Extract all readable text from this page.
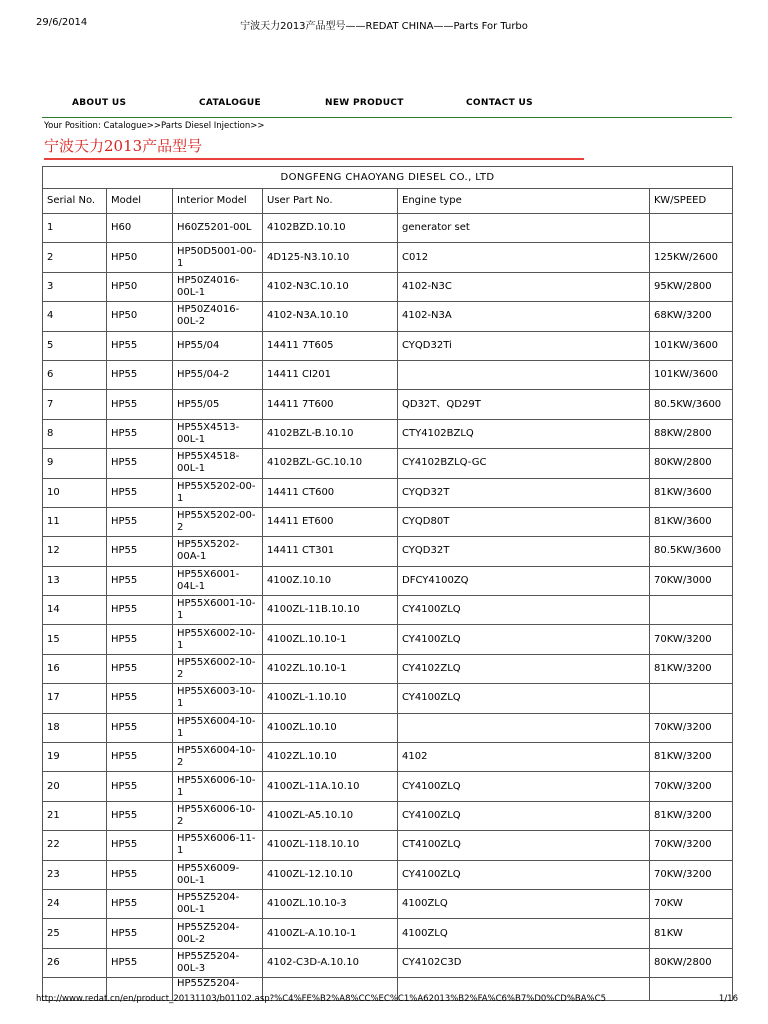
29/6/2014	宁波天力2013产品型号——REDAT CHINA——Parts For Turbo
ABOUT US	CATALOGUE	NEW PRODUCT	CONTACT US
Your Position: Catalogue>>Parts Diesel Injection>>
宁波天力2013产品型号
DONGFENG CHAOYANG DIESEL CO., LTD					
Serial No.	Model	Interior Model	User Part No.	Engine type	KW/SPEED
1	H60	H60Z5201-00L	4102BZD.10.10	generator set	
2	HP50	HP50D5001-00-1	4D125-N3.10.10	C012	125KW/2600
3	HP50	HP50Z4016-00L-1	4102-N3C.10.10	4102-N3C	95KW/2800
4	HP50	HP50Z4016-00L-2	4102-N3A.10.10	4102-N3A	68KW/3200
5	HP55	HP55/04	14411 7T605	CYQD32Ti	101KW/3600
6	HP55	HP55/04-2	14411 CI201		101KW/3600
7	HP55	HP55/05	14411 7T600	QD32T、QD29T	80.5KW/3600
8	HP55	HP55X4513-00L-1	4102BZL-B.10.10	CTY4102BZLQ	88KW/2800
9	HP55	HP55X4518-00L-1	4102BZL-GC.10.10	CY4102BZLQ-GC	80KW/2800
10	HP55	HP55X5202-00-1	14411 CT600	CYQD32T	81KW/3600
11	HP55	HP55X5202-00-2	14411 ET600	CYQD80T	81KW/3600
12	HP55	HP55X5202-00A-1	14411 CT301	CYQD32T	80.5KW/3600
13	HP55	HP55X6001-04L-1	4100Z.10.10	DFCY4100ZQ	70KW/3000
14	HP55	HP55X6001-10-1	4100ZL-11B.10.10	CY4100ZLQ	
15	HP55	HP55X6002-10-1	4100ZL.10.10-1	CY4100ZLQ	70KW/3200
16	HP55	HP55X6002-10-2	4102ZL.10.10-1	CY4102ZLQ	81KW/3200
17	HP55	HP55X6003-10-1	4100ZL-1.10.10	CY4100ZLQ	
18	HP55	HP55X6004-10-1	4100ZL.10.10		70KW/3200
19	HP55	HP55X6004-10-2	4102ZL.10.10	4102	81KW/3200
20	HP55	HP55X6006-10-1	4100ZL-11A.10.10	CY4100ZLQ	70KW/3200
21	HP55	HP55X6006-10-2	4100ZL-A5.10.10	CY4100ZLQ	81KW/3200
22	HP55	HP55X6006-11-1	4100ZL-118.10.10	CT4100ZLQ	70KW/3200
23	HP55	HP55X6009-00L-1	4100ZL-12.10.10	CY4100ZLQ	70KW/3200
24	HP55	HP55Z5204-00L-1	4100ZL.10.10-3	4100ZLQ	70KW
25	HP55	HP55Z5204-00L-2	4100ZL-A.10.10-1	4100ZLQ	81KW
26	HP55	HP55Z5204-00L-3	4102-C3D-A.10.10	CY4102C3D	80KW/2800
		HP55Z5204-			
http://www.redat.cn/en/product_20131103/b01102.asp?%C4%FE%B2%A8%CC%EC%C1%A62013%B2%FA%C6%B7%D0%CD%BA%C5	1/16
